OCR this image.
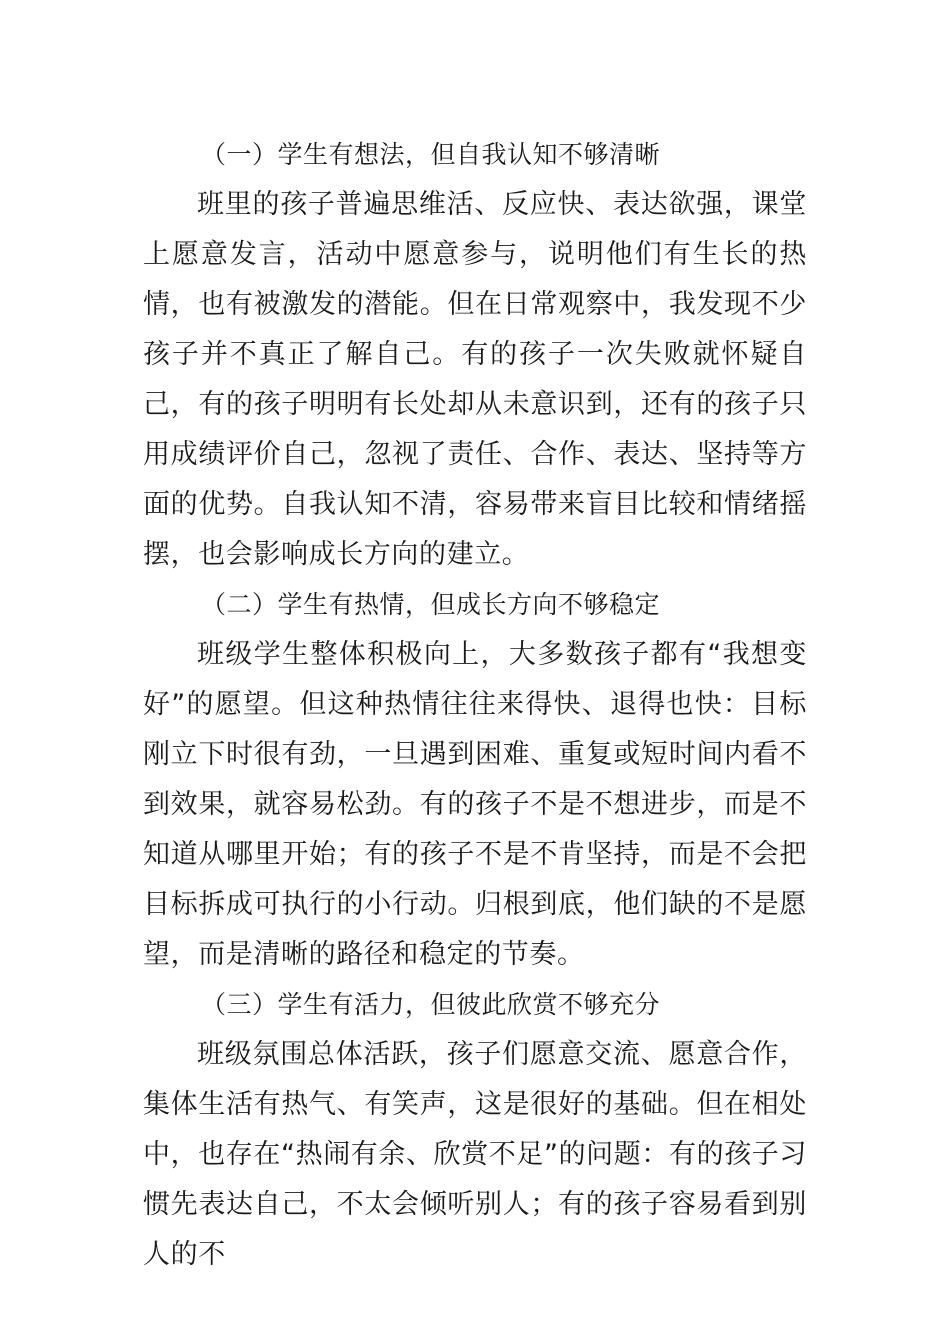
（一）学生有想法，但自我认知不够清晰

班里的孩子普遍思维活、反应快、表达欲强，课堂上愿意发言，活动中愿意参与，说明他们有生长的热情，也有被激发的潜能。但在日常观察中，我发现不少孩子并不真正了解自己。有的孩子一次失败就怀疑自己，有的孩子明明有长处却从未意识到，还有的孩子只用成绩评价自己，忽视了责任、合作、表达、坚持等方面的优势。自我认知不清，容易带来盲目比较和情绪摇摆，也会影响成长方向的建立。

（二）学生有热情，但成长方向不够稳定

班级学生整体积极向上，大多数孩子都有“我想变好”的愿望。但这种热情往往来得快、退得也快：目标刚立下时很有劲，一旦遇到困难、重复或短时间内看不到效果，就容易松劲。有的孩子不是不想进步，而是不知道从哪里开始；有的孩子不是不肯坚持，而是不会把目标拆成可执行的小行动。归根到底，他们缺的不是愿望，而是清晰的路径和稳定的节奏。

（三）学生有活力，但彼此欣赏不够充分

班级氛围总体活跃，孩子们愿意交流、愿意合作，集体生活有热气、有笑声，这是很好的基础。但在相处中，也存在“热闹有余、欣赏不足”的问题：有的孩子习惯先表达自己，不太会倾听别人；有的孩子容易看到别人的不
